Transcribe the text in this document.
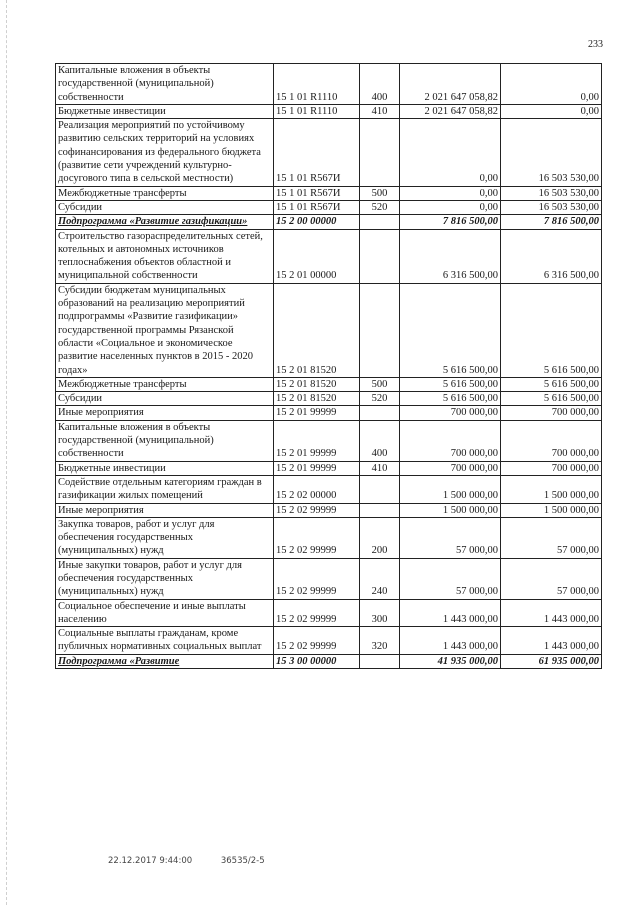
233
Капитальные вложения в объекты государственной (муниципальной) собственности	15 1 01 R1110	400	2 021 647 058,82	0,00
Бюджетные инвестиции	15 1 01 R1110	410	2 021 647 058,82	0,00
Реализация мероприятий по устойчивому развитию сельских территорий на условиях софинансирования из федерального бюджета (развитие сети учреждений культурно-досугового типа в сельской местности)	15 1 01 R567И		0,00	16 503 530,00
Межбюджетные трансферты	15 1 01 R567И	500	0,00	16 503 530,00
Субсидии	15 1 01 R567И	520	0,00	16 503 530,00
Подпрограмма «Развитие газификации»	15 2 00 00000		7 816 500,00	7 816 500,00
Строительство газораспределительных сетей, котельных и автономных источников теплоснабжения объектов областной и муниципальной собственности	15 2 01 00000		6 316 500,00	6 316 500,00
Субсидии бюджетам муниципальных образований на реализацию мероприятий подпрограммы «Развитие газификации» государственной программы Рязанской области «Социальное и экономическое развитие населенных пунктов в 2015 - 2020 годах»	15 2 01 81520		5 616 500,00	5 616 500,00
Межбюджетные трансферты	15 2 01 81520	500	5 616 500,00	5 616 500,00
Субсидии	15 2 01 81520	520	5 616 500,00	5 616 500,00
Иные мероприятия	15 2 01 99999		700 000,00	700 000,00
Капитальные вложения в объекты государственной (муниципальной) собственности	15 2 01 99999	400	700 000,00	700 000,00
Бюджетные инвестиции	15 2 01 99999	410	700 000,00	700 000,00
Содействие отдельным категориям граждан в газификации жилых помещений	15 2 02 00000		1 500 000,00	1 500 000,00
Иные мероприятия	15 2 02 99999		1 500 000,00	1 500 000,00
Закупка товаров, работ и услуг для обеспечения государственных (муниципальных) нужд	15 2 02 99999	200	57 000,00	57 000,00
Иные закупки товаров, работ и услуг для обеспечения государственных (муниципальных) нужд	15 2 02 99999	240	57 000,00	57 000,00
Социальное обеспечение и иные выплаты населению	15 2 02 99999	300	1 443 000,00	1 443 000,00
Социальные выплаты гражданам, кроме публичных нормативных социальных выплат	15 2 02 99999	320	1 443 000,00	1 443 000,00
Подпрограмма «Развитие	15 3 00 00000		41 935 000,00	61 935 000,00
22.12.2017 9:44:00	36535/2-5
